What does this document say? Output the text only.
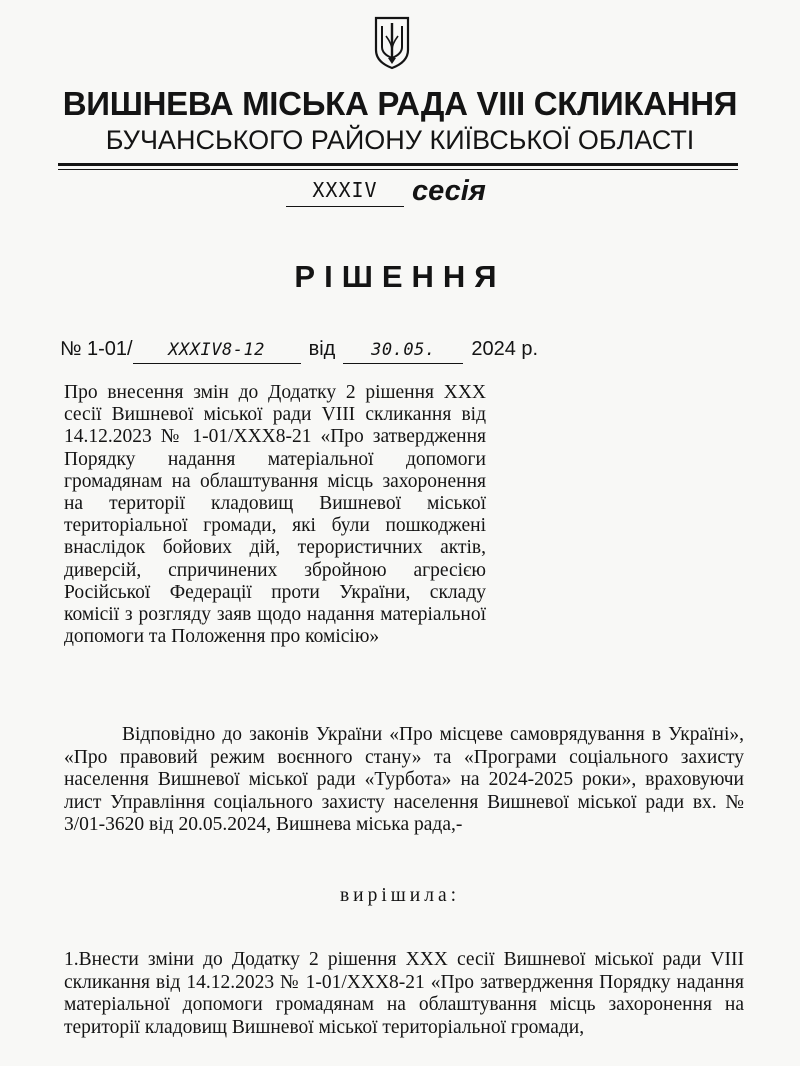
ВИШНЕВА МІСЬКА РАДА VIII СКЛИКАННЯ
БУЧАНСЬКОГО РАЙОНУ КИЇВСЬКОЇ ОБЛАСТІ
XXXIV	сесія
РІШЕННЯ
№ 1-01/	XXXIV8-12	від	30.05.	2024 р.
Про внесення змін до Додатку 2 рішення XXX сесії Вишневої міської ради VIII скликання від 14.12.2023 № 1-01/XXX8-21 «Про затвердження Порядку надання матеріальної допомоги громадянам на облаштування місць захоронення на території кладовищ Вишневої міської територіальної громади, які були пошкоджені внаслідок бойових дій, терористичних актів, диверсій, спричинених збройною агресією Російської Федерації проти України, складу комісії з розгляду заяв щодо надання матеріальної допомоги та Положення про комісію»
Відповідно до законів України «Про місцеве самоврядування в Україні», «Про правовий режим воєнного стану» та «Програми соціального захисту населення Вишневої міської ради «Турбота» на 2024-2025 роки», враховуючи лист Управління соціального захисту населення Вишневої міської ради вх. № 3/01-3620 від 20.05.2024, Вишнева міська рада,-
вирішила:
1.Внести зміни до Додатку 2 рішення XXX сесії Вишневої міської ради VIII скликання від 14.12.2023 № 1-01/XXX8-21 «Про затвердження Порядку надання матеріальної допомоги громадянам на облаштування місць захоронення на території кладовищ Вишневої міської територіальної громади,
